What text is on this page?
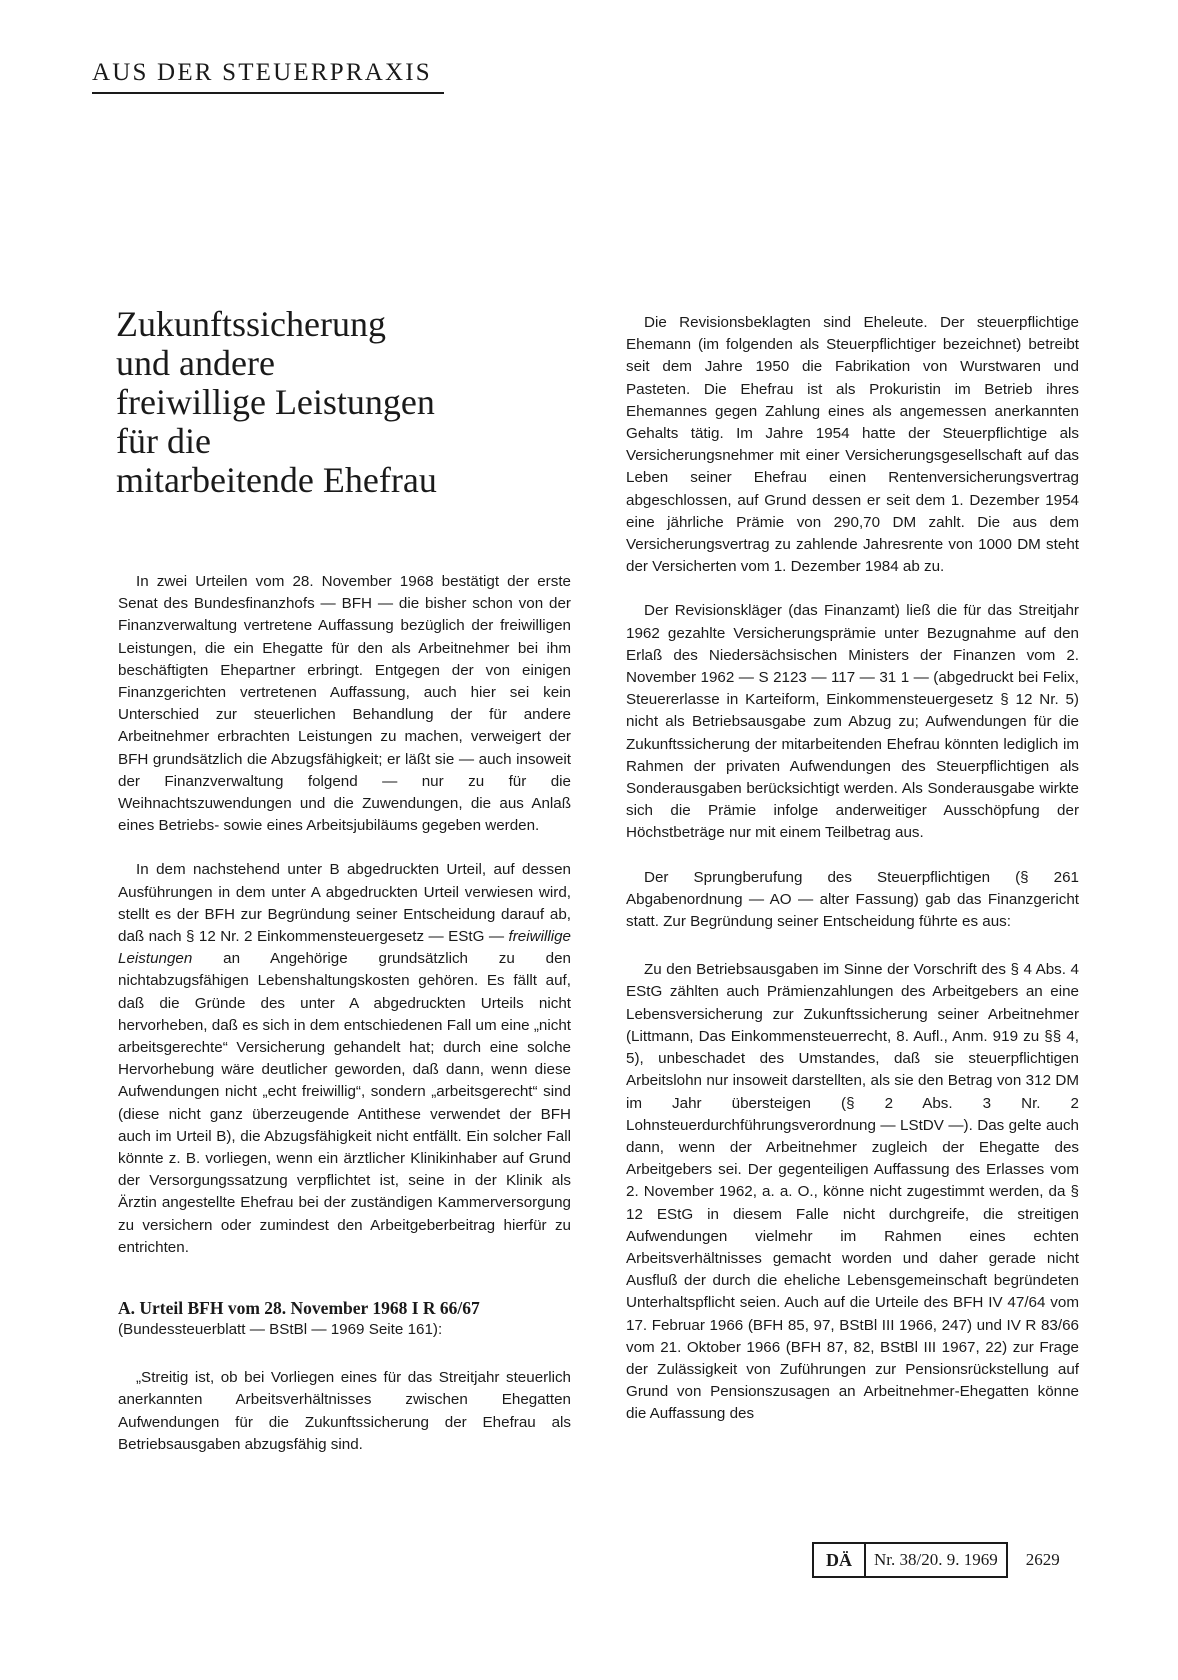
AUS DER STEUERPRAXIS
Zukunftssicherung
und andere
freiwillige Leistungen
für die
mitarbeitende Ehefrau

In zwei Urteilen vom 28. November 1968 bestätigt der erste Senat des Bundesfinanzhofs — BFH — die bisher schon von der Finanzverwaltung vertretene Auffassung bezüglich der freiwilligen Leistungen, die ein Ehegatte für den als Arbeitnehmer bei ihm beschäftigten Ehepartner erbringt. Entgegen der von einigen Finanzgerichten vertretenen Auffassung, auch hier sei kein Unterschied zur steuerlichen Behandlung der für andere Arbeitnehmer erbrachten Leistungen zu machen, verweigert der BFH grundsätzlich die Abzugsfähigkeit; er läßt sie — auch insoweit der Finanzverwaltung folgend — nur zu für die Weihnachtszuwendungen und die Zuwendungen, die aus Anlaß eines Betriebs- sowie eines Arbeitsjubiläums gegeben werden.

In dem nachstehend unter B abgedruckten Urteil, auf dessen Ausführungen in dem unter A abgedruckten Urteil verwiesen wird, stellt es der BFH zur Begründung seiner Entscheidung darauf ab, daß nach § 12 Nr. 2 Einkommensteuergesetz — EStG — freiwillige Leistungen an Angehörige grundsätzlich zu den nichtabzugsfähigen Lebenshaltungskosten gehören. Es fällt auf, daß die Gründe des unter A abgedruckten Urteils nicht hervorheben, daß es sich in dem entschiedenen Fall um eine „nicht arbeitsgerechte“ Versicherung gehandelt hat; durch eine solche Hervorhebung wäre deutlicher geworden, daß dann, wenn diese Aufwendungen nicht „echt freiwillig“, sondern „arbeitsgerecht“ sind (diese nicht ganz überzeugende Antithese verwendet der BFH auch im Urteil B), die Abzugsfähigkeit nicht entfällt. Ein solcher Fall könnte z. B. vorliegen, wenn ein ärztlicher Klinikinhaber auf Grund der Versorgungssatzung verpflichtet ist, seine in der Klinik als Ärztin angestellte Ehefrau bei der zuständigen Kammerversorgung zu versichern oder zumindest den Arbeitgeberbeitrag hierfür zu entrichten.

A. Urteil BFH vom 28. November 1968 I R 66/67
(Bundessteuerblatt — BStBl — 1969 Seite 161):

„Streitig ist, ob bei Vorliegen eines für das Streitjahr steuerlich anerkannten Arbeitsverhältnisses zwischen Ehegatten Aufwendungen für die Zukunftssicherung der Ehefrau als Betriebsausgaben abzugsfähig sind.

Die Revisionsbeklagten sind Eheleute. Der steuerpflichtige Ehemann (im folgenden als Steuerpflichtiger bezeichnet) betreibt seit dem Jahre 1950 die Fabrikation von Wurstwaren und Pasteten. Die Ehefrau ist als Prokuristin im Betrieb ihres Ehemannes gegen Zahlung eines als angemessen anerkannten Gehalts tätig. Im Jahre 1954 hatte der Steuerpflichtige als Versicherungsnehmer mit einer Versicherungsgesellschaft auf das Leben seiner Ehefrau einen Rentenversicherungsvertrag abgeschlossen, auf Grund dessen er seit dem 1. Dezember 1954 eine jährliche Prämie von 290,70 DM zahlt. Die aus dem Versicherungsvertrag zu zahlende Jahresrente von 1000 DM steht der Versicherten vom 1. Dezember 1984 ab zu.

Der Revisionskläger (das Finanzamt) ließ die für das Streitjahr 1962 gezahlte Versicherungsprämie unter Bezugnahme auf den Erlaß des Niedersächsischen Ministers der Finanzen vom 2. November 1962 — S 2123 — 117 — 31 1 — (abgedruckt bei Felix, Steuererlasse in Karteiform, Einkommensteuergesetz § 12 Nr. 5) nicht als Betriebsausgabe zum Abzug zu; Aufwendungen für die Zukunftssicherung der mitarbeitenden Ehefrau könnten lediglich im Rahmen der privaten Aufwendungen des Steuerpflichtigen als Sonderausgaben berücksichtigt werden. Als Sonderausgabe wirkte sich die Prämie infolge anderweitiger Ausschöpfung der Höchstbeträge nur mit einem Teilbetrag aus.

Der Sprungberufung des Steuerpflichtigen (§ 261 Abgabenordnung — AO — alter Fassung) gab das Finanzgericht statt. Zur Begründung seiner Entscheidung führte es aus:

Zu den Betriebsausgaben im Sinne der Vorschrift des § 4 Abs. 4 EStG zählten auch Prämienzahlungen des Arbeitgebers an eine Lebensversicherung zur Zukunftssicherung seiner Arbeitnehmer (Littmann, Das Einkommensteuerrecht, 8. Aufl., Anm. 919 zu §§ 4, 5), unbeschadet des Umstandes, daß sie steuerpflichtigen Arbeitslohn nur insoweit darstellten, als sie den Betrag von 312 DM im Jahr übersteigen (§ 2 Abs. 3 Nr. 2 Lohnsteuerdurchführungsverordnung — LStDV —). Das gelte auch dann, wenn der Arbeitnehmer zugleich der Ehegatte des Arbeitgebers sei. Der gegenteiligen Auffassung des Erlasses vom 2. November 1962, a. a. O., könne nicht zugestimmt werden, da § 12 EStG in diesem Falle nicht durchgreife, die streitigen Aufwendungen vielmehr im Rahmen eines echten Arbeitsverhältnisses gemacht worden und daher gerade nicht Ausfluß der durch die eheliche Lebensgemeinschaft begründeten Unterhaltspflicht seien. Auch auf die Urteile des BFH IV 47/64 vom 17. Februar 1966 (BFH 85, 97, BStBl III 1966, 247) und IV R 83/66 vom 21. Oktober 1966 (BFH 87, 82, BStBl III 1967, 22) zur Frage der Zulässigkeit von Zuführungen zur Pensionsrückstellung auf Grund von Pensionszusagen an Arbeitnehmer-Ehegatten könne die Auffassung des

DÄ	Nr. 38/20. 9. 1969	2629
